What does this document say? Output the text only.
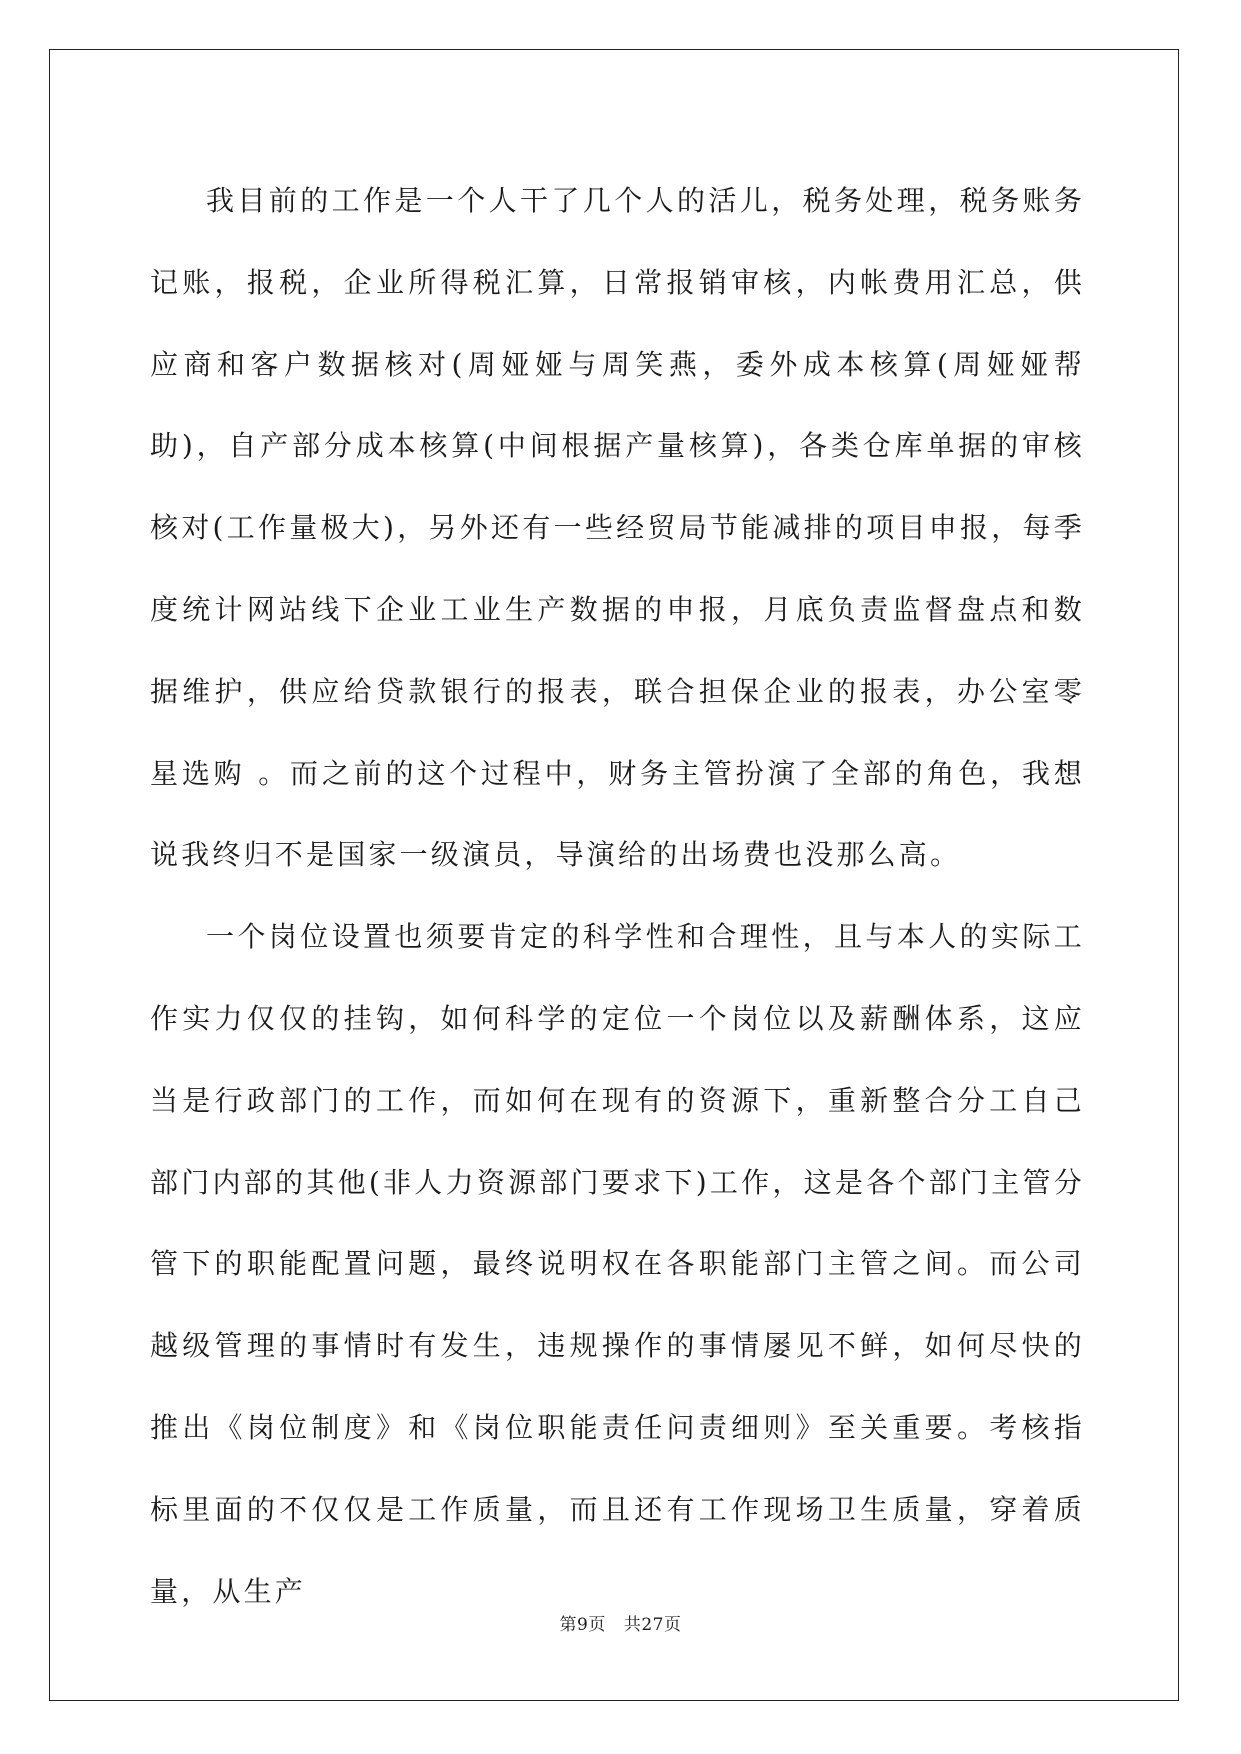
我目前的工作是一个人干了几个人的活儿，税务处理，税务账务记账，报税，企业所得税汇算，日常报销审核，内帐费用汇总，供应商和客户数据核对(周娅娅与周笑燕，委外成本核算(周娅娅帮助)，自产部分成本核算(中间根据产量核算)，各类仓库单据的审核核对(工作量极大)，另外还有一些经贸局节能减排的项目申报，每季度统计网站线下企业工业生产数据的申报，月底负责监督盘点和数据维护，供应给贷款银行的报表，联合担保企业的报表，办公室零星选购 。而之前的这个过程中，财务主管扮演了全部的角色，我想说我终归不是国家一级演员，导演给的出场费也没那么高。

一个岗位设置也须要肯定的科学性和合理性，且与本人的实际工作实力仅仅的挂钩，如何科学的定位一个岗位以及薪酬体系，这应当是行政部门的工作，而如何在现有的资源下，重新整合分工自己部门内部的其他(非人力资源部门要求下)工作，这是各个部门主管分管下的职能配置问题，最终说明权在各职能部门主管之间。而公司越级管理的事情时有发生，违规操作的事情屡见不鲜，如何尽快的推出《岗位制度》和《岗位职能责任问责细则》至关重要。考核指标里面的不仅仅是工作质量，而且还有工作现场卫生质量，穿着质量，从生产

第9页 共27页
